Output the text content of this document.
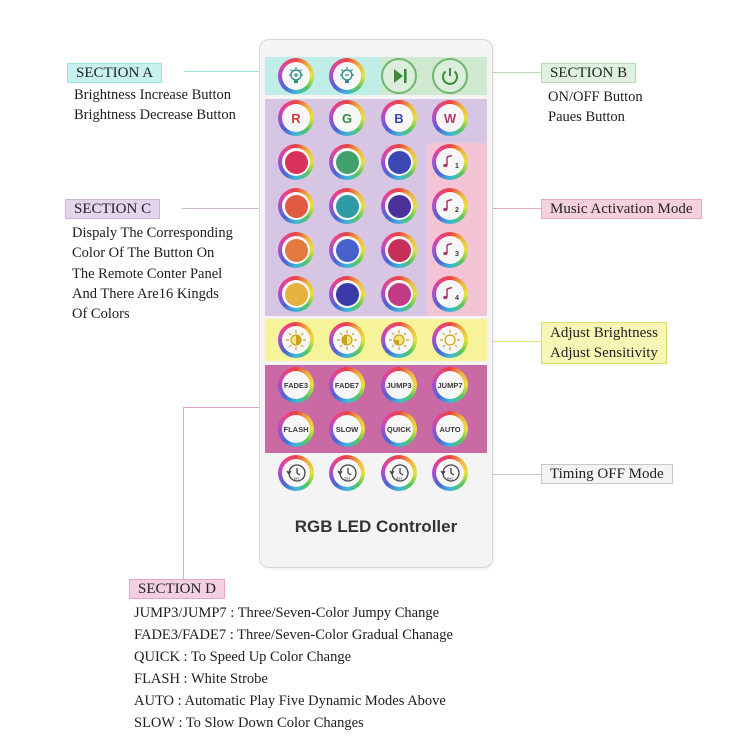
SECTION A
Brightness Increase Button
Brightness Decrease Button
SECTION B
ON/OFF Button
Paues Button
SECTION C
Dispaly The Corresponding
Color Of The Button On
The Remote Conter Panel
And There Are16 Kingds
Of Colors
Music Activation Mode
Adjust Brightness
Adjust Sensitivity
Timing OFF Mode
SECTION D
JUMP3/JUMP7 : Three/Seven-Color Jumpy Change
FADE3/FADE7 : Three/Seven-Color Gradual Chanage
QUICK : To Speed Up Color Change
FLASH : White Strobe
AUTO : Automatic Play Five Dynamic Modes Above
SLOW : To Slow Down Color Changes
R	G	B	W
1
2
3
4
FADE3	FADE7	JUMP3	JUMP7
FLASH	SLOW	QUICK	AUTO
1H	2H	4H	6H
RGB LED Controller
